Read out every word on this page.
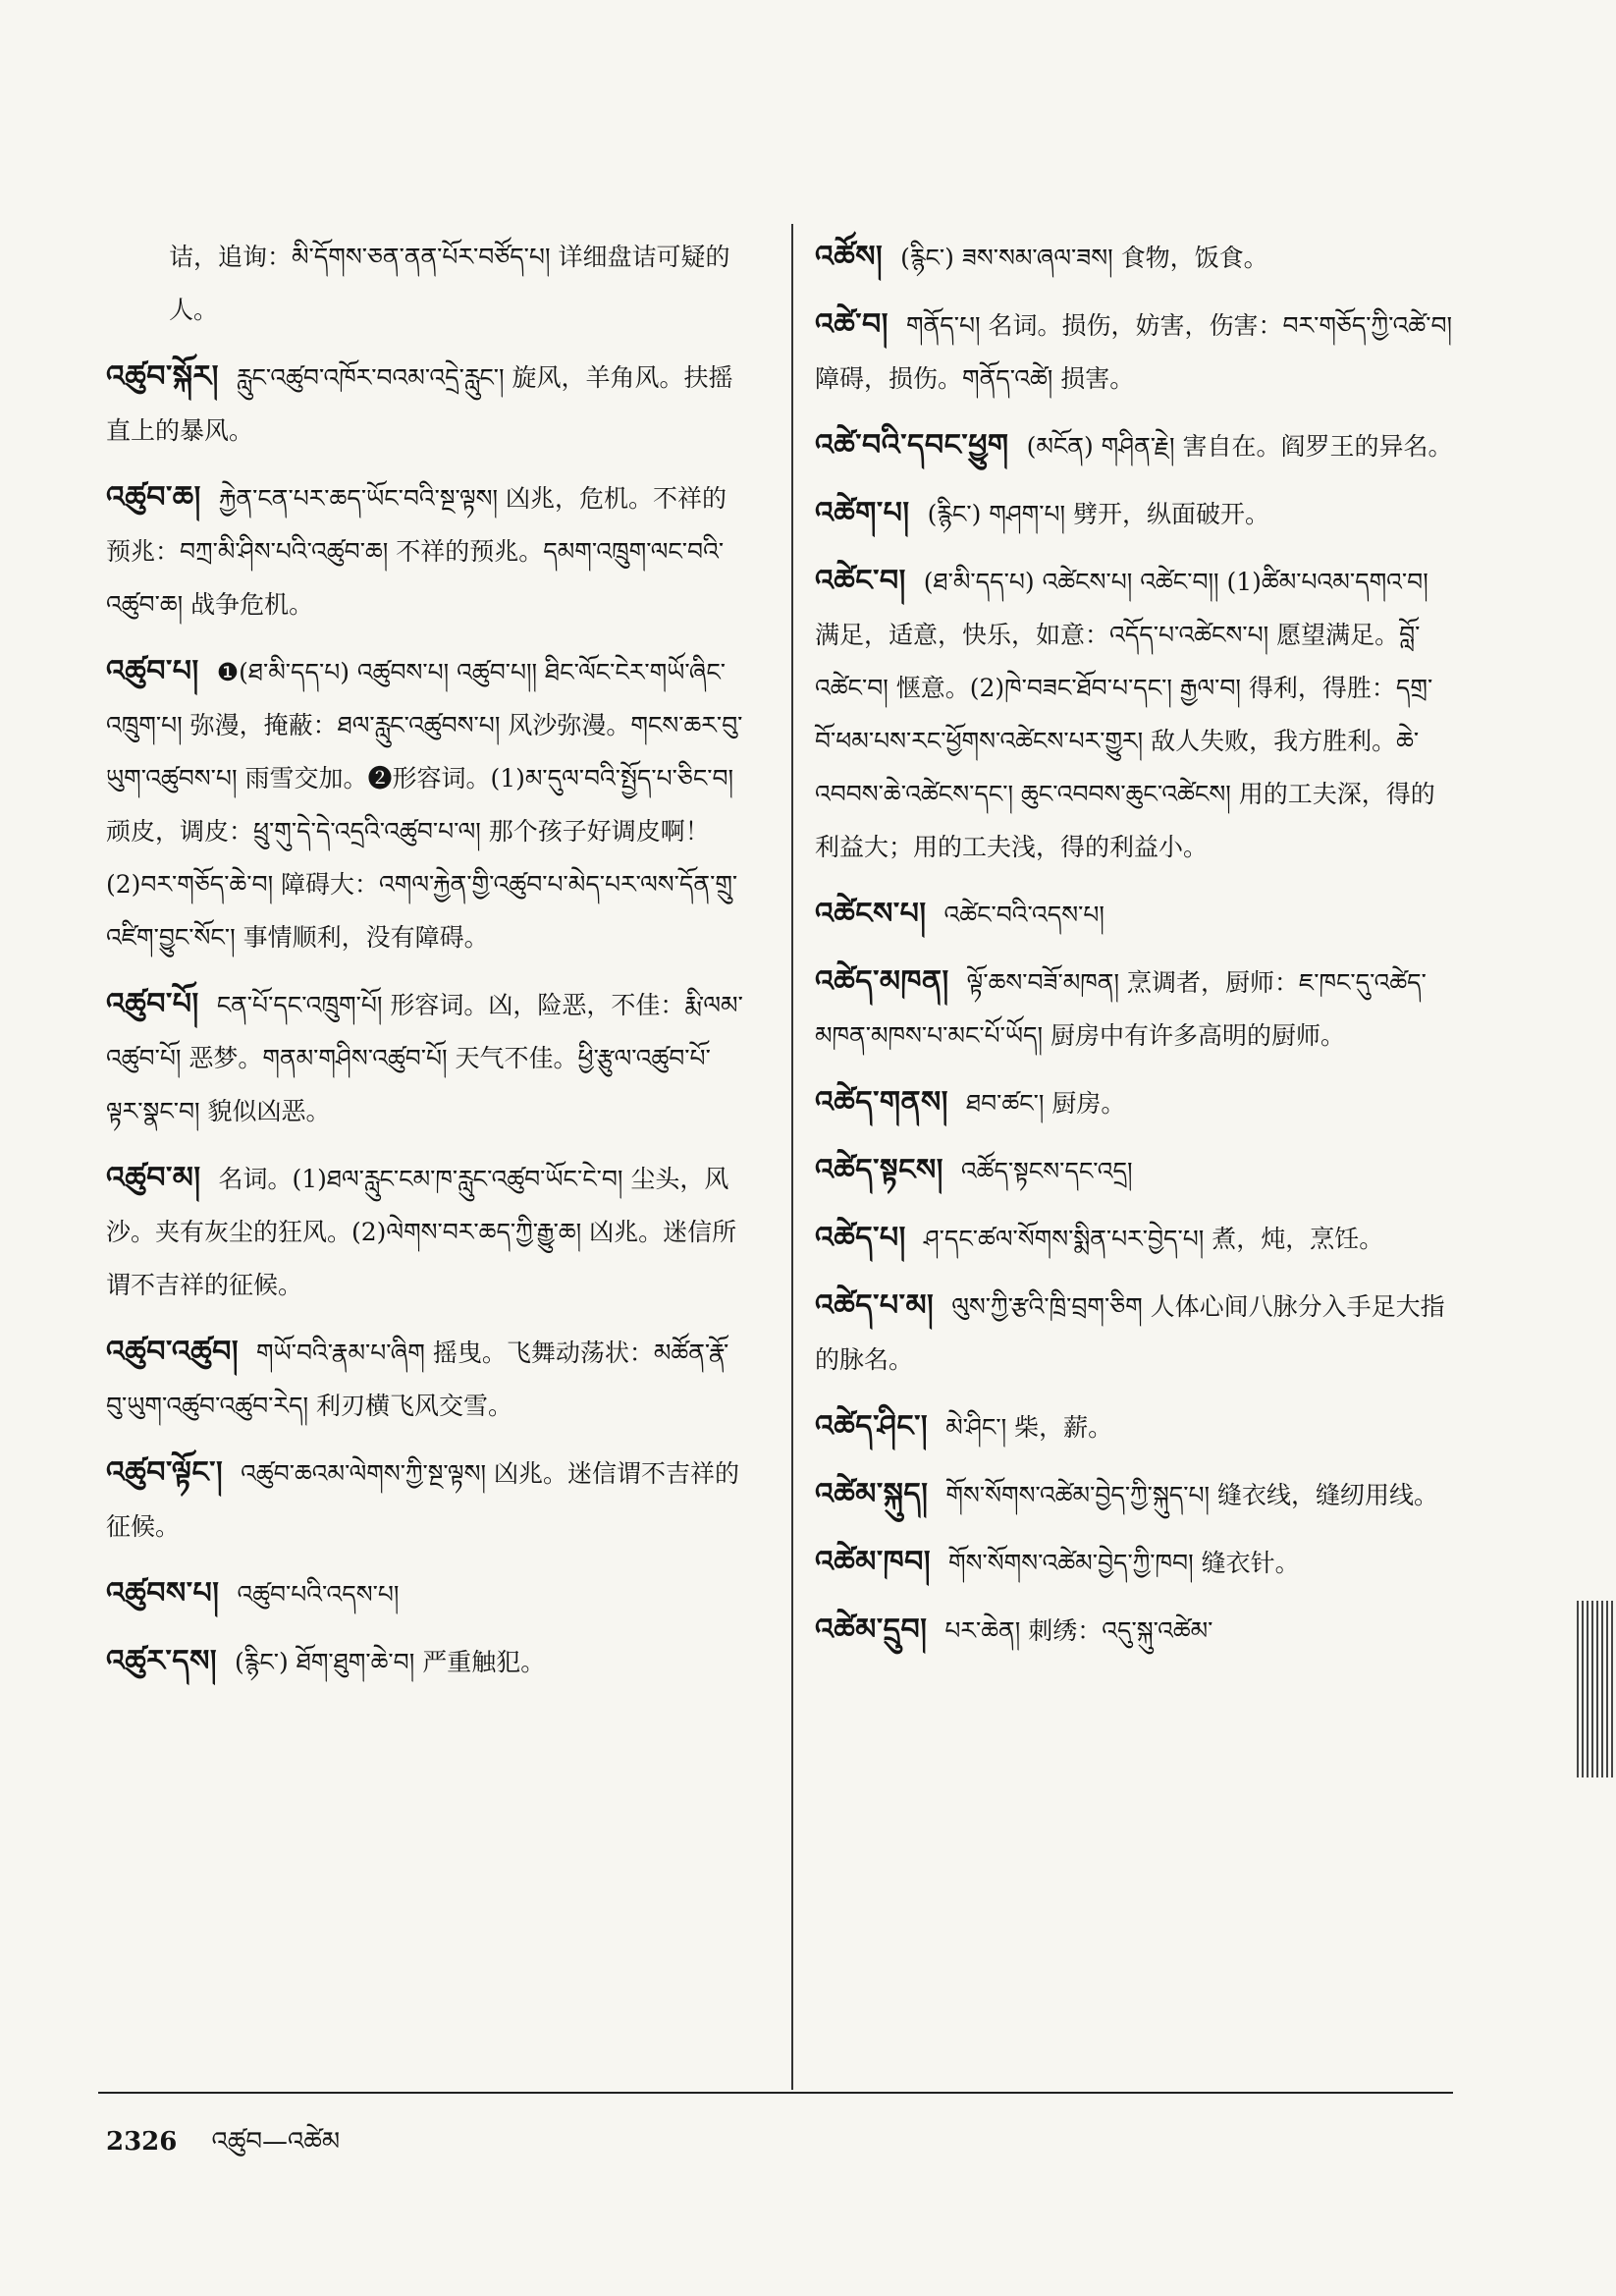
诘，追询：མི་དོགས་ཅན་ནན་པོར་བཙོད་པ། 详细盘诘可疑的人。
འཚུབ་སྐོར། རླུང་འཚུབ་འཁོར་བའམ་འདྲེ་རླུང་། 旋风，羊角风。扶摇直上的暴风。
འཚུབ་ཆ། རྐྱེན་ངན་པར་ཆད་ཡོང་བའི་སྔ་ལྟས། 凶兆，危机。不祥的预兆：བཀྲ་མི་ཤིས་པའི་འཚུབ་ཆ། 不祥的预兆。དམག་འཁྲུག་ལང་བའི་འཚུབ་ཆ། 战争危机。
འཚུབ་པ། ❶(ཐ་མི་དད་པ) འཚུབས་པ། འཚུབ་པ།། ཐིང་ལོང་ངེར་གཡོ་ཞིང་འཁྲུག་པ། 弥漫，掩蔽：ཐལ་རླུང་འཚུབས་པ། 风沙弥漫。གངས་ཆར་བུ་ཡུག་འཚུབས་པ། 雨雪交加。❷形容词。(1)མ་དུལ་བའི་སྤྱོད་པ་ཅིང་བ། 顽皮，调皮：ཕྲུ་གུ་དེ་དེ་འདྲའི་འཚུབ་པ་ལ། 那个孩子好调皮啊！(2)བར་གཅོད་ཆེ་བ། 障碍大：འགལ་རྐྱེན་གྱི་འཚུབ་པ་མེད་པར་ལས་དོན་གྲུ་འཛིག་བྱུང་སོང་། 事情顺利，没有障碍。
འཚུབ་པོ། ངན་པོ་དང་འཁྲུག་པོ། 形容词。凶，险恶，不佳：རྨི་ལམ་འཚུབ་པོ། 恶梦。གནམ་གཤིས་འཚུབ་པོ། 天气不佳。ཕྱི་རྩུལ་འཚུབ་པོ་ལྟར་སྣང་བ། 貌似凶恶。
འཚུབ་མ། 名词。(1)ཐལ་རླུང་ངམ་ཁ་རླུང་འཚུབ་ཡོང་ངེ་བ། 尘头，风沙。夹有灰尘的狂风。(2)ལེགས་བར་ཆད་ཀྱི་རྒྱུ་ཆ། 凶兆。迷信所谓不吉祥的征候。
འཚུབ་འཚུབ། གཡོ་བའི་རྣམ་པ་ཞིག 摇曳。飞舞动荡状：མཚོན་རྣོ་བུ་ཡུག་འཚུབ་འཚུབ་རེད། 利刃横飞风交雪。
འཚུབ་ལྟོང་། འཚུབ་ཆའམ་ལེགས་ཀྱི་སྔ་ལྟས། 凶兆。迷信谓不吉祥的征候。
འཚུབས་པ། འཚུབ་པའི་འདས་པ།
འཚུར་དས། (རྙིང་) ཐོག་ཐུག་ཆེ་བ། 严重触犯。
འཚོས། (རྙིང་) ཟས་སམ་ཞལ་ཟས། 食物，饭食。
འཚེ་བ། གནོད་པ། 名词。损伤，妨害，伤害：བར་གཅོད་ཀྱི་འཚེ་བ། 障碍，损伤。གནོད་འཚེ། 损害。
འཚེ་བའི་དབང་ཕྱུག (མངོན) གཤིན་རྗེ། 害自在。阎罗王的异名。
འཚེག་པ། (རྙིང་) གཤག་པ། 劈开，纵面破开。
འཚེང་བ། (ཐ་མི་དད་པ) འཚེངས་པ། འཚེང་བ།། (1)ཚིམ་པའམ་དགའ་བ། 满足，适意，快乐，如意：འདོད་པ་འཚེངས་པ། 愿望满足。བློ་འཚེང་བ། 惬意。(2)ཁེ་བཟང་ཐོབ་པ་དང་། རྒྱལ་བ། 得利，得胜：དགྲ་བོ་ཕམ་པས་རང་ཕྱོགས་འཚེངས་པར་གྱུར། 敌人失败，我方胜利。ཆེ་འབབས་ཆེ་འཚེངས་དང་། ཆུང་འབབས་ཆུང་འཚེངས། 用的工夫深，得的利益大；用的工夫浅，得的利益小。
འཚེངས་པ། འཚེང་བའི་འདས་པ།
འཚེད་མཁན། ལྟོ་ཆས་བཟོ་མཁན། 烹调者，厨师：ཇ་ཁང་དུ་འཚེད་མཁན་མཁས་པ་མང་པོ་ཡོད། 厨房中有许多高明的厨师。
འཚེད་གནས། ཐབ་ཚང་། 厨房。
འཚེད་སྟངས། འཚོད་སྟངས་དང་འདྲ།
འཚེད་པ། ཤ་དང་ཚལ་སོགས་སྨིན་པར་བྱེད་པ། 煮，炖，烹饪。
འཚེད་པ་མ། ལུས་ཀྱི་རྩའི་ཁྲི་བྲག་ཅིག 人体心间八脉分入手足大指的脉名。
འཚེད་ཤིང་། མེ་ཤིང་། 柴，薪。
འཚེམ་སྐུད། གོས་སོགས་འཚེམ་བྱེད་ཀྱི་སྐུད་པ། 缝衣线，缝纫用线。
འཚེམ་ཁབ། གོས་སོགས་འཚེམ་བྱེད་ཀྱི་ཁབ། 缝衣针。
འཚེམ་དྲུབ། པར་ཆེན། 刺绣：འདུ་སྐུ་འཚེམ་
2326 འཚུབ—འཚེམ
